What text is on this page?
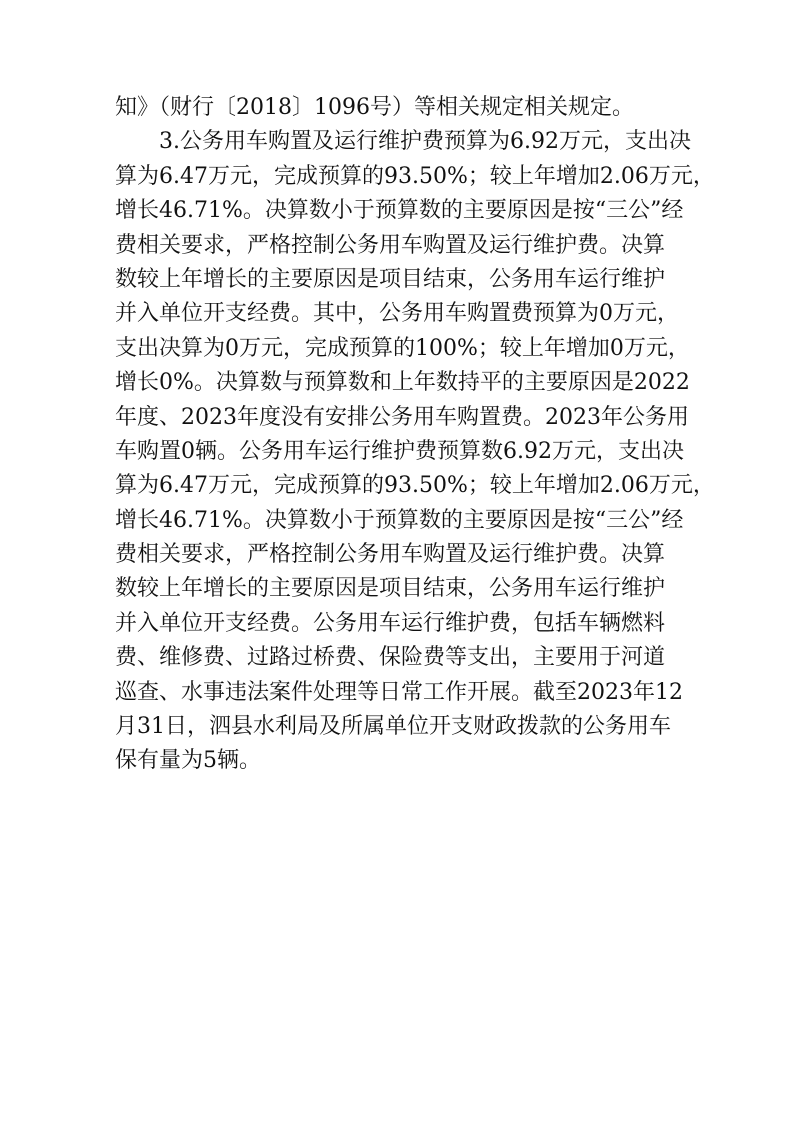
知》（财行〔2018〕1096号）等相关规定相关规定。
3.公务用车购置及运行维护费预算为6.92万元，支出决
算为6.47万元，完成预算的93.50%；较上年增加2.06万元，
增长46.71%。决算数小于预算数的主要原因是按“三公”经
费相关要求，严格控制公务用车购置及运行维护费。决算
数较上年增长的主要原因是项目结束，公务用车运行维护
并入单位开支经费。其中，公务用车购置费预算为0万元，
支出决算为0万元，完成预算的100%；较上年增加0万元，
增长0%。决算数与预算数和上年数持平的主要原因是2022
年度、2023年度没有安排公务用车购置费。2023年公务用
车购置0辆。公务用车运行维护费预算数6.92万元，支出决
算为6.47万元，完成预算的93.50%；较上年增加2.06万元，
增长46.71%。决算数小于预算数的主要原因是按“三公”经
费相关要求，严格控制公务用车购置及运行维护费。决算
数较上年增长的主要原因是项目结束，公务用车运行维护
并入单位开支经费。公务用车运行维护费，包括车辆燃料
费、维修费、过路过桥费、保险费等支出，主要用于河道
巡查、水事违法案件处理等日常工作开展。截至2023年12
月31日，泗县水利局及所属单位开支财政拨款的公务用车
保有量为5辆。
